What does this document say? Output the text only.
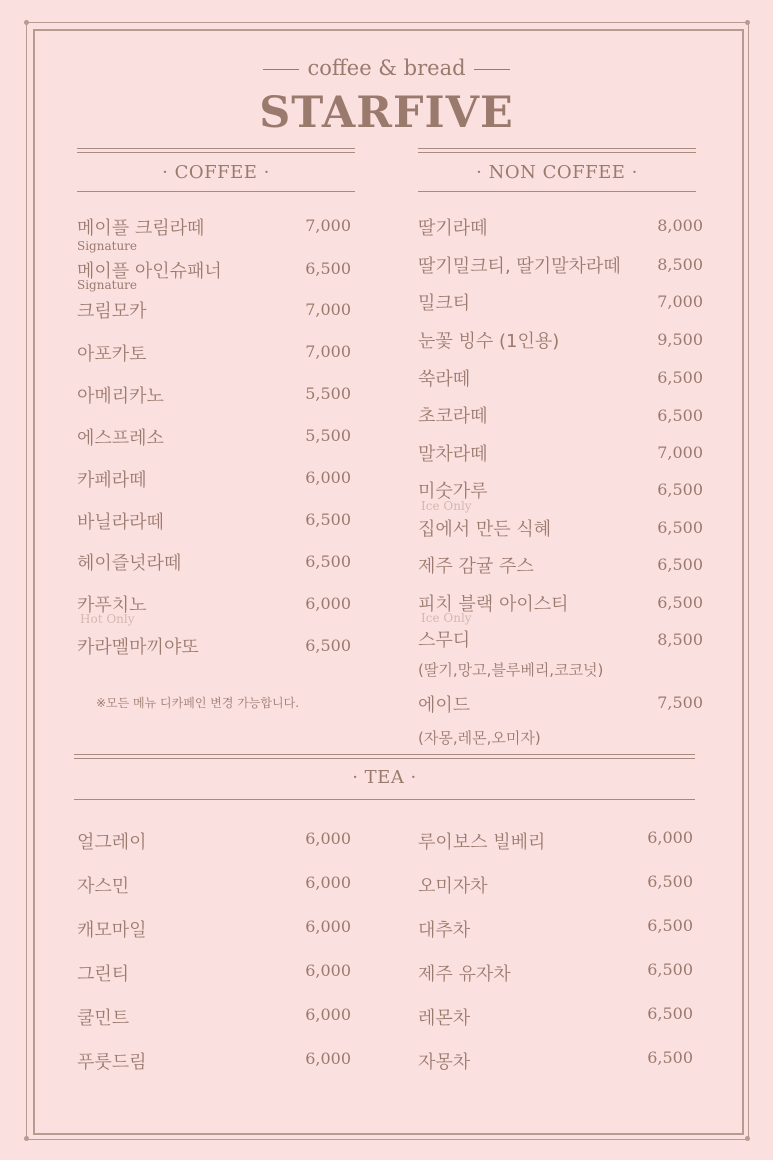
coffee & bread
STARFIVE
· COFFEE ·	· NON COFFEE ·
메이플 크림라떼	7,000
Signature
메이플 아인슈패너	6,500
Signature
크림모카	7,000
아포카토	7,000
아메리카노	5,500
에스프레소	5,500
카페라떼	6,000
바닐라라떼	6,500
헤이즐넛라떼	6,500
카푸치노	6,000
Hot Only
카라멜마끼야또	6,500
※모든 메뉴 디카페인 변경 가능합니다.
딸기라떼	8,000
딸기밀크티, 딸기말차라떼	8,500
밀크티	7,000
눈꽃 빙수 (1인용)	9,500
쑥라떼	6,500
초코라떼	6,500
말차라떼	7,000
미숫가루	6,500
Ice Only
집에서 만든 식혜	6,500
제주 감귤 주스	6,500
피치 블랙 아이스티	6,500
Ice Only
스무디	8,500
(딸기,망고,블루베리,코코넛)
에이드	7,500
(자몽,레몬,오미자)
· TEA ·
얼그레이	6,000
자스민	6,000
캐모마일	6,000
그린티	6,000
쿨민트	6,000
푸룻드림	6,000
루이보스 빌베리	6,000
오미자차	6,500
대추차	6,500
제주 유자차	6,500
레몬차	6,500
자몽차	6,500
